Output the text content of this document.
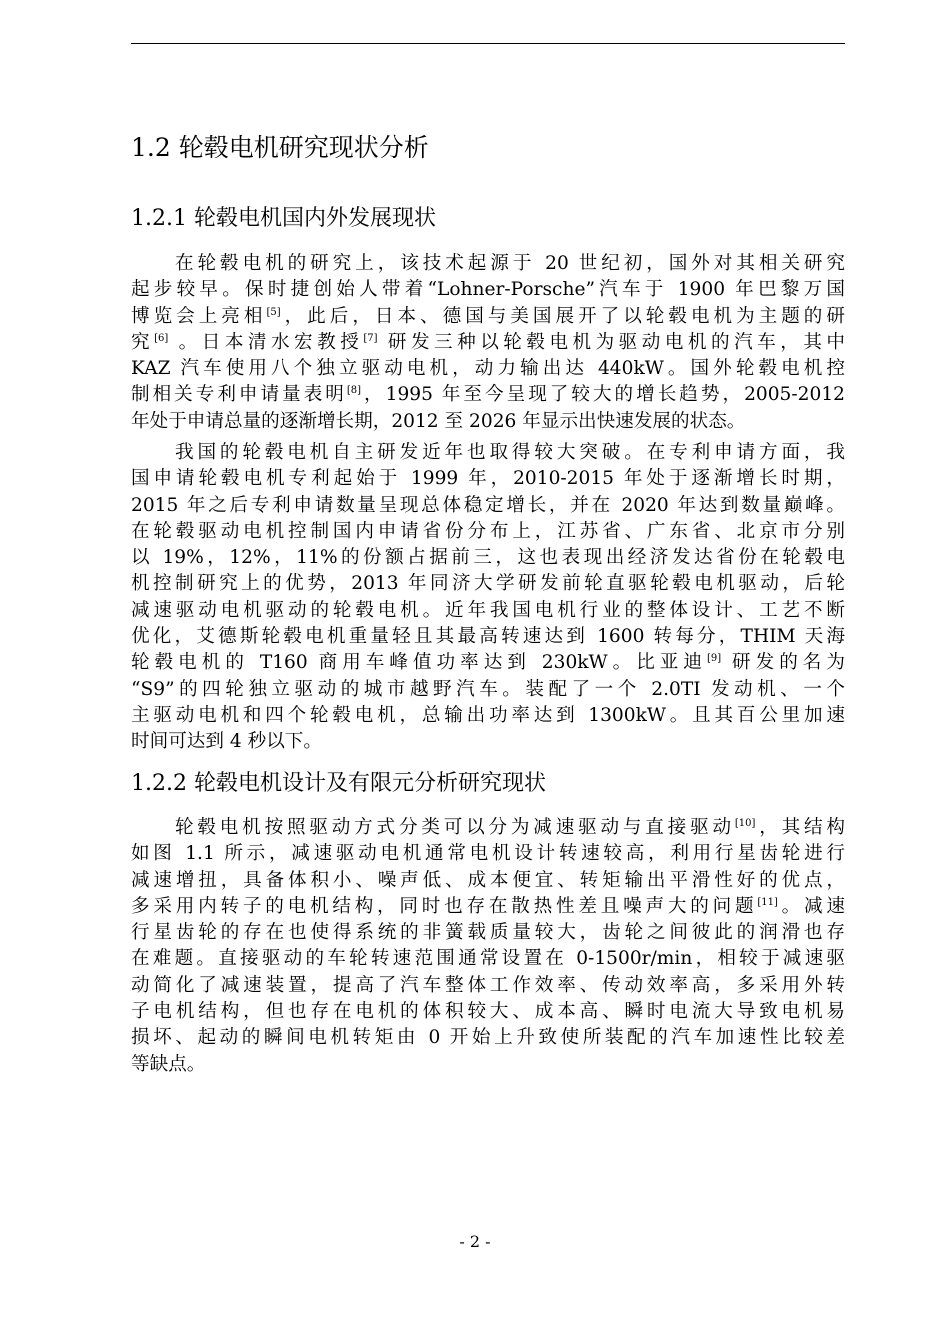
1.2 轮毂电机研究现状分析
1.2.1 轮毂电机国内外发展现状
在轮毂电机的研究上，该技术起源于 20 世纪初，国外对其相关研究
起步较早。保时捷创始人带着“Lohner-Porsche”汽车于 1900 年巴黎万国
博览会上亮相[5]，此后，日本、德国与美国展开了以轮毂电机为主题的研
究[6] 。日本清水宏教授[7] 研发三种以轮毂电机为驱动电机的汽车，其中
KAZ 汽车使用八个独立驱动电机，动力输出达 440kW。国外轮毂电机控
制相关专利申请量表明[8]，1995 年至今呈现了较大的增长趋势，2005-2012
年处于申请总量的逐渐增长期，2012 至 2026 年显示出快速发展的状态。
我国的轮毂电机自主研发近年也取得较大突破。在专利申请方面，我
国申请轮毂电机专利起始于 1999 年，2010-2015 年处于逐渐增长时期，
2015 年之后专利申请数量呈现总体稳定增长，并在 2020 年达到数量巅峰。
在轮毂驱动电机控制国内申请省份分布上，江苏省、广东省、北京市分别
以 19%，12%，11%的份额占据前三，这也表现出经济发达省份在轮毂电
机控制研究上的优势，2013 年同济大学研发前轮直驱轮毂电机驱动，后轮
减速驱动电机驱动的轮毂电机。近年我国电机行业的整体设计、工艺不断
优化，艾德斯轮毂电机重量轻且其最高转速达到 1600 转每分，THIM 天海
轮毂电机的 T160 商用车峰值功率达到 230kW。比亚迪[9] 研发的名为
“S9”的四轮独立驱动的城市越野汽车。装配了一个 2.0TI 发动机、一个
主驱动电机和四个轮毂电机，总输出功率达到 1300kW。且其百公里加速
时间可达到 4 秒以下。
1.2.2 轮毂电机设计及有限元分析研究现状
轮毂电机按照驱动方式分类可以分为减速驱动与直接驱动[10]，其结构
如图 1.1 所示，减速驱动电机通常电机设计转速较高，利用行星齿轮进行
减速增扭，具备体积小、噪声低、成本便宜、转矩输出平滑性好的优点，
多采用内转子的电机结构，同时也存在散热性差且噪声大的问题[11]。减速
行星齿轮的存在也使得系统的非簧载质量较大，齿轮之间彼此的润滑也存
在难题。直接驱动的车轮转速范围通常设置在 0-1500r/min，相较于减速驱
动简化了减速装置，提高了汽车整体工作效率、传动效率高，多采用外转
子电机结构，但也存在电机的体积较大、成本高、瞬时电流大导致电机易
损坏、起动的瞬间电机转矩由 0 开始上升致使所装配的汽车加速性比较差
等缺点。
- 2 -
